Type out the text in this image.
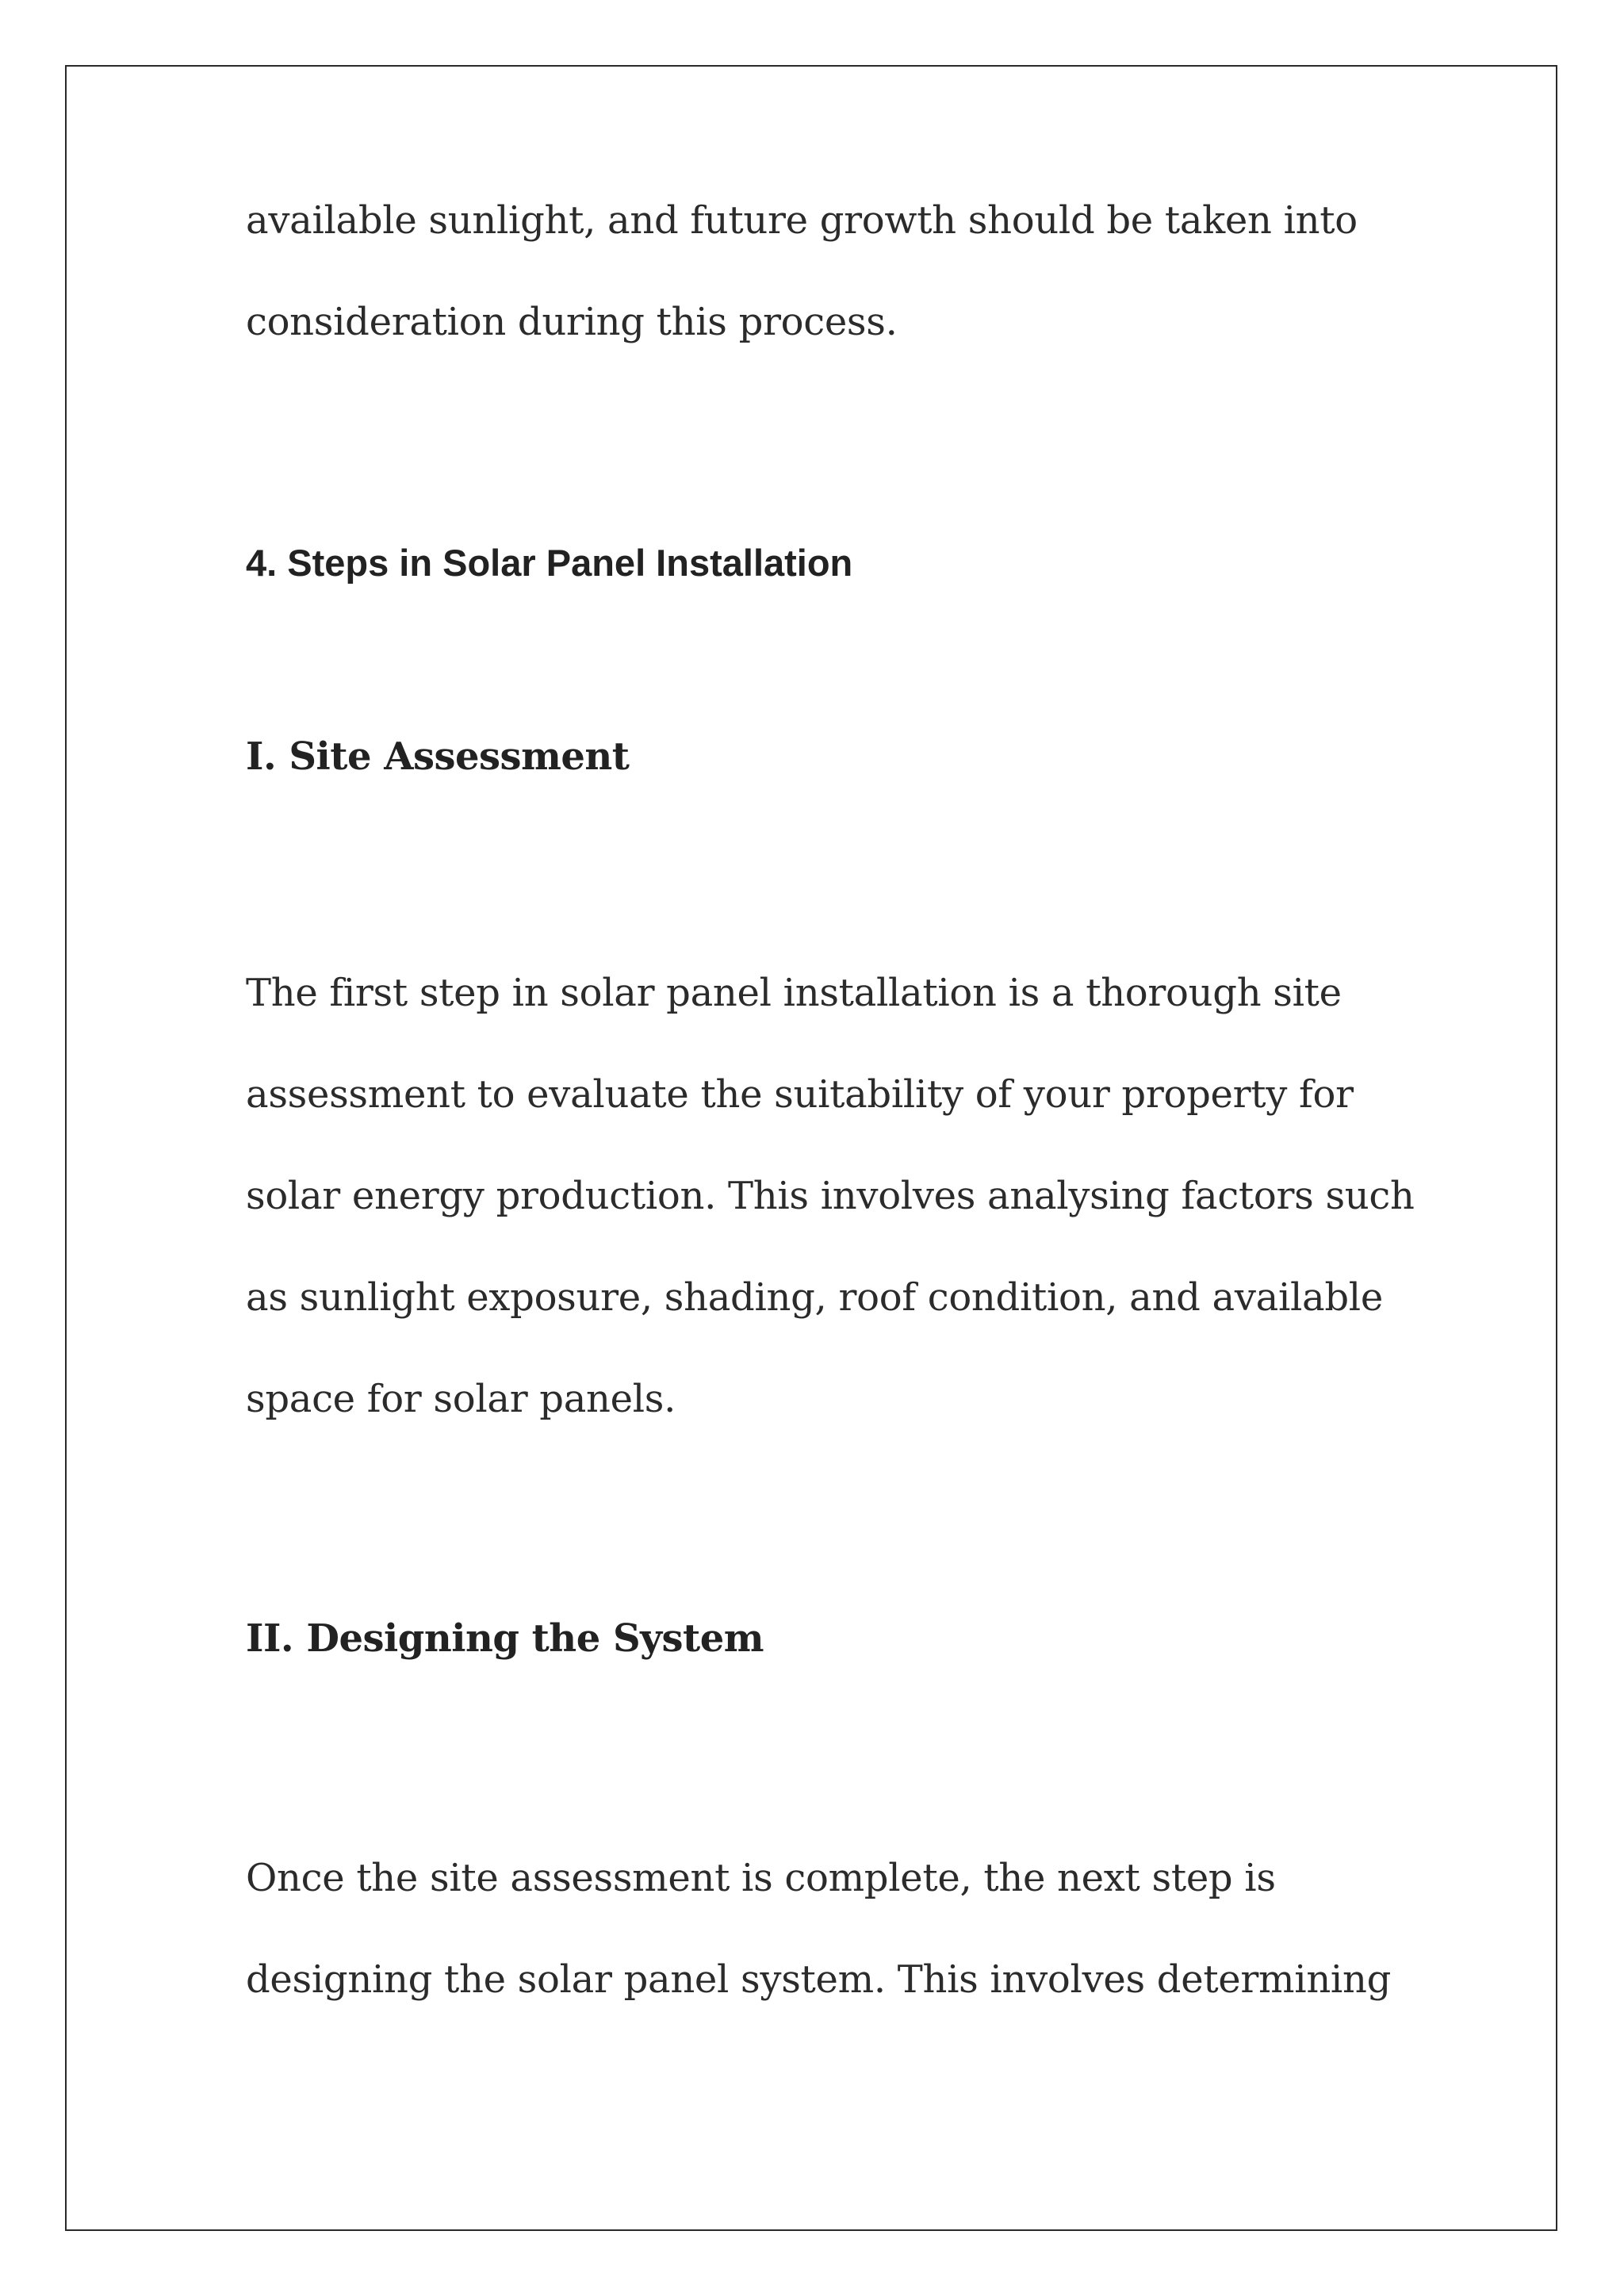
available sunlight, and future growth should be taken into
consideration during this process.
4. Steps in Solar Panel Installation
I. Site Assessment
The first step in solar panel installation is a thorough site
assessment to evaluate the suitability of your property for
solar energy production. This involves analysing factors such
as sunlight exposure, shading, roof condition, and available
space for solar panels.
II. Designing the System
Once the site assessment is complete, the next step is
designing the solar panel system. This involves determining
